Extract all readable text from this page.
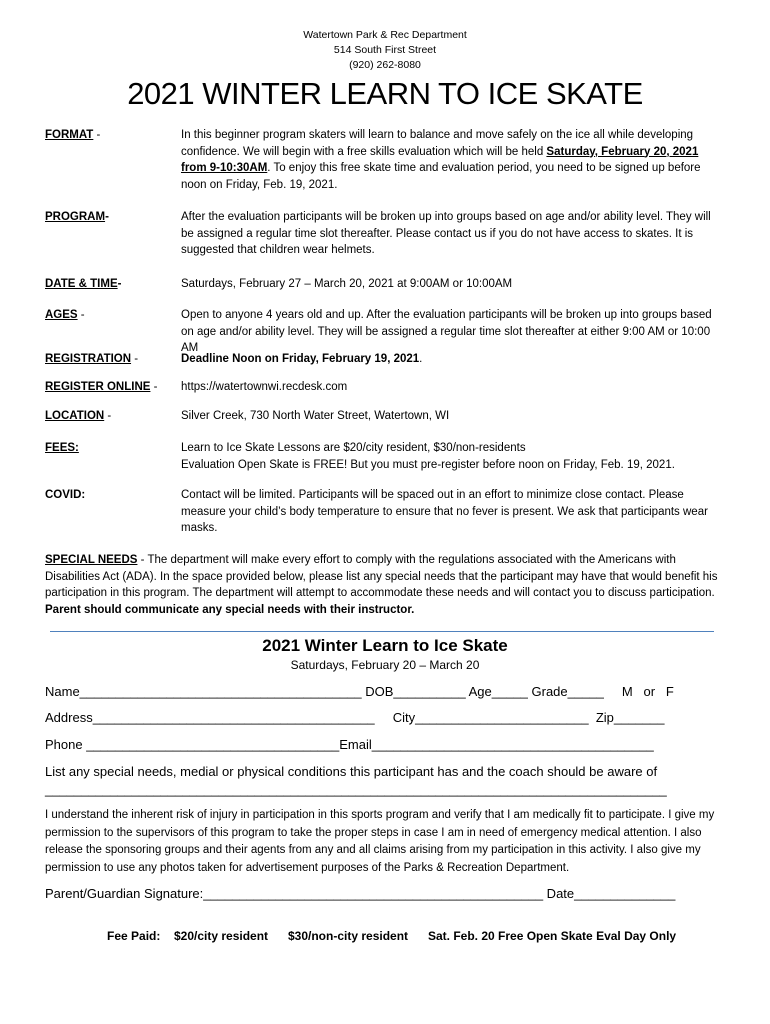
Watertown Park & Rec Department
514 South First Street
(920) 262-8080
2021 WINTER LEARN TO ICE SKATE
FORMAT -	In this beginner program skaters will learn to balance and move safely on the ice all while developing confidence. We will begin with a free skills evaluation which will be held Saturday, February 20, 2021 from 9-10:30AM. To enjoy this free skate time and evaluation period, you need to be signed up before noon on Friday, Feb. 19, 2021.
PROGRAM-	After the evaluation participants will be broken up into groups based on age and/or ability level. They will be assigned a regular time slot thereafter. Please contact us if you do not have access to skates. It is suggested that children wear helmets.
DATE & TIME-	Saturdays, February 27 – March 20, 2021 at 9:00AM or 10:00AM
AGES -	Open to anyone 4 years old and up. After the evaluation participants will be broken up into groups based on age and/or ability level. They will be assigned a regular time slot thereafter at either 9:00 AM or 10:00 AM
REGISTRATION -	Deadline Noon on Friday, February 19, 2021.
REGISTER ONLINE -	https://watertownwi.recdesk.com
LOCATION -	Silver Creek, 730 North Water Street, Watertown, WI
FEES:	Learn to Ice Skate Lessons are $20/city resident, $30/non-residents
Evaluation Open Skate is FREE! But you must pre-register before noon on Friday, Feb. 19, 2021.
COVID:	Contact will be limited. Participants will be spaced out in an effort to minimize close contact. Please measure your child’s body temperature to ensure that no fever is present. We ask that participants wear masks.
SPECIAL NEEDS - The department will make every effort to comply with the regulations associated with the Americans with Disabilities Act (ADA). In the space provided below, please list any special needs that the participant may have that would benefit his participation in this program. The department will attempt to accommodate these needs and will contact you to discuss participation. Parent should communicate any special needs with their instructor.
2021 Winter Learn to Ice Skate
Saturdays, February 20 – March 20
Name_______________________________________ DOB__________ Age_____ Grade_____     M   or   F
Address_______________________________________     City________________________  Zip_______
Phone ___________________________________Email_______________________________________
List any special needs, medial or physical conditions this participant has and the coach should be aware of
______________________________________________________________________________________
I understand the inherent risk of injury in participation in this sports program and verify that I am medically fit to participate. I give my permission to the supervisors of this program to take the proper steps in case I am in need of emergency medical attention. I also release the sponsoring groups and their agents from any and all claims arising from my participation in this activity. I also give my permission to use any photos taken for advertisement purposes of the Parks & Recreation Department.
Parent/Guardian Signature:_______________________________________________ Date______________
Fee Paid: $20/city resident $30/non-city resident Sat. Feb. 20 Free Open Skate Eval Day Only
